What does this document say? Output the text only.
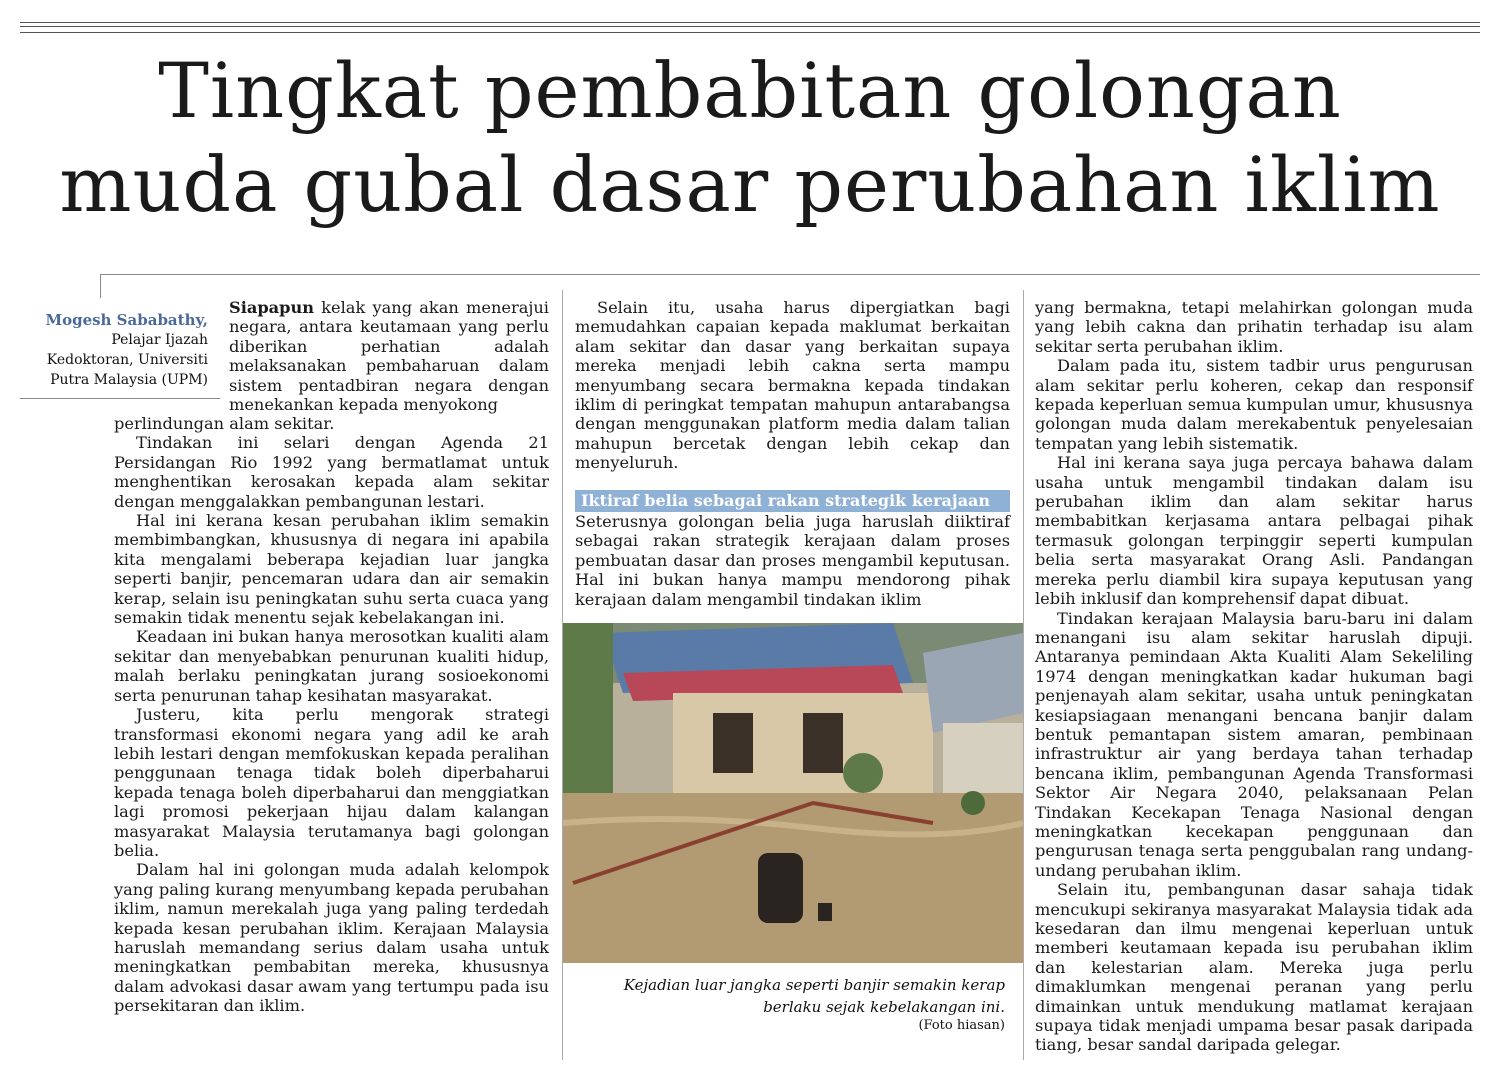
Tingkat pembabitan golongan
muda gubal dasar perubahan iklim
Mogesh Sababathy,
Pelajar Ijazah
Kedoktoran, Universiti
Putra Malaysia (UPM)

Siapapun kelak yang akan menerajui negara, antara keutamaan yang perlu diberikan perhatian adalah melaksanakan pembaharuan dalam sistem pentadbiran negara dengan menekankan kepada menyokong

perlindungan alam sekitar.

Tindakan ini selari dengan Agenda 21 Persidangan Rio 1992 yang bermatlamat untuk menghentikan kerosakan kepada alam sekitar dengan menggalakkan pembangunan lestari.

Hal ini kerana kesan perubahan iklim semakin membimbangkan, khususnya di negara ini apabila kita mengalami beberapa kejadian luar jangka seperti banjir, pencemaran udara dan air semakin kerap, selain isu peningkatan suhu serta cuaca yang semakin tidak menentu sejak kebelakangan ini.

Keadaan ini bukan hanya merosotkan kualiti alam sekitar dan menyebabkan penurunan kualiti hidup, malah berlaku peningkatan jurang sosioekonomi serta penurunan tahap kesihatan masyarakat.

Justeru, kita perlu mengorak strategi transformasi ekonomi negara yang adil ke arah lebih lestari dengan memfokuskan kepada peralihan penggunaan tenaga tidak boleh diperbaharui kepada tenaga boleh diperbaharui dan menggiatkan lagi promosi pekerjaan hijau dalam kalangan masyarakat Malaysia terutamanya bagi golongan belia.

Dalam hal ini golongan muda adalah kelompok yang paling kurang menyumbang kepada perubahan iklim, namun merekalah juga yang paling terdedah kepada kesan perubahan iklim. Kerajaan Malaysia haruslah memandang serius dalam usaha untuk meningkatkan pembabitan mereka, khususnya dalam advokasi dasar awam yang tertumpu pada isu persekitaran dan iklim.

Selain itu, usaha harus dipergiatkan bagi memudahkan capaian kepada maklumat berkaitan alam sekitar dan dasar yang berkaitan supaya mereka menjadi lebih cakna serta mampu menyumbang secara bermakna kepada tindakan iklim di peringkat tempatan mahupun antarabangsa dengan menggunakan platform media dalam talian mahupun bercetak dengan lebih cekap dan menyeluruh.

Iktiraf belia sebagai rakan strategik kerajaan

Seterusnya golongan belia juga haruslah diiktiraf sebagai rakan strategik kerajaan dalam proses pembuatan dasar dan proses mengambil keputusan. Hal ini bukan hanya mampu mendorong pihak kerajaan dalam mengambil tindakan iklim

Kejadian luar jangka seperti banjir semakin kerap berlaku sejak kebelakangan ini.
(Foto hiasan)

yang bermakna, tetapi melahirkan golongan muda yang lebih cakna dan prihatin terhadap isu alam sekitar serta perubahan iklim.

Dalam pada itu, sistem tadbir urus pengurusan alam sekitar perlu koheren, cekap dan responsif kepada keperluan semua kumpulan umur, khususnya golongan muda dalam merekabentuk penyelesaian tempatan yang lebih sistematik.

Hal ini kerana saya juga percaya bahawa dalam usaha untuk mengambil tindakan dalam isu perubahan iklim dan alam sekitar harus membabitkan kerjasama antara pelbagai pihak termasuk golongan terpinggir seperti kumpulan belia serta masyarakat Orang Asli. Pandangan mereka perlu diambil kira supaya keputusan yang lebih inklusif dan komprehensif dapat dibuat.

Tindakan kerajaan Malaysia baru-baru ini dalam menangani isu alam sekitar haruslah dipuji. Antaranya pemindaan Akta Kualiti Alam Sekeliling 1974 dengan meningkatkan kadar hukuman bagi penjenayah alam sekitar, usaha untuk peningkatan kesiapsiagaan menangani bencana banjir dalam bentuk pemantapan sistem amaran, pembinaan infrastruktur air yang berdaya tahan terhadap bencana iklim, pembangunan Agenda Transformasi Sektor Air Negara 2040, pelaksanaan Pelan Tindakan Kecekapan Tenaga Nasional dengan meningkatkan kecekapan penggunaan dan pengurusan tenaga serta penggubalan rang undang-undang perubahan iklim.

Selain itu, pembangunan dasar sahaja tidak mencukupi sekiranya masyarakat Malaysia tidak ada kesedaran dan ilmu mengenai keperluan untuk memberi keutamaan kepada isu perubahan iklim dan kelestarian alam. Mereka juga perlu dimaklumkan mengenai peranan yang perlu dimainkan untuk mendukung matlamat kerajaan supaya tidak menjadi umpama besar pasak daripada tiang, besar sandal daripada gelegar.
